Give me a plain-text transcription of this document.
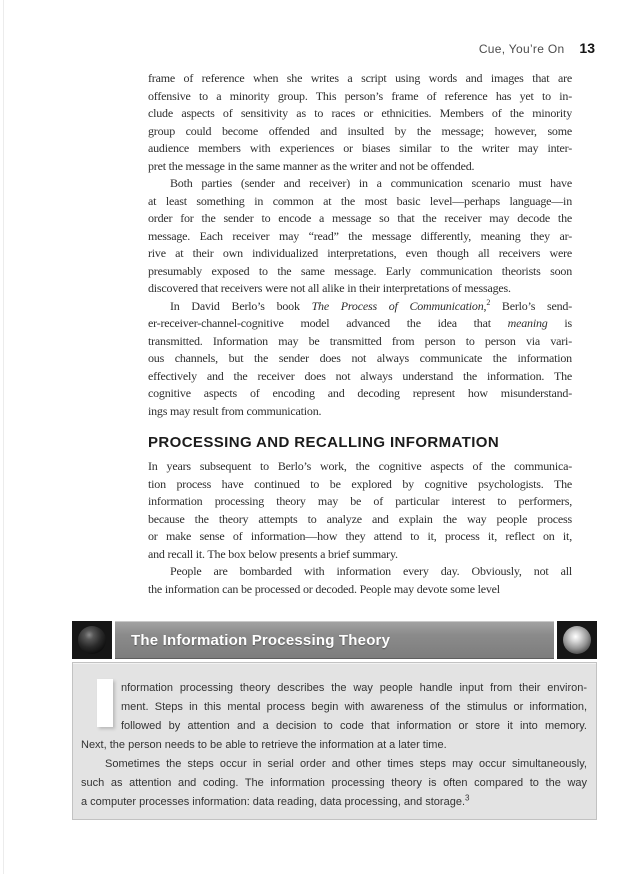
Cue, You’re On 13
frame of reference when she writes a script using words and images that are
offensive to a minority group. This person’s frame of reference has yet to in-
clude aspects of sensitivity as to races or ethnicities. Members of the minority
group could become offended and insulted by the message; however, some
audience members with experiences or biases similar to the writer may inter-
pret the message in the same manner as the writer and not be offended.
Both parties (sender and receiver) in a communication scenario must have
at least something in common at the most basic level—perhaps language—in
order for the sender to encode a message so that the receiver may decode the
message. Each receiver may “read” the message differently, meaning they ar-
rive at their own individualized interpretations, even though all receivers were
presumably exposed to the same message. Early communication theorists soon
discovered that receivers were not all alike in their interpretations of messages.
In David Berlo’s book The Process of Communication,$^2$ Berlo’s send-
er-receiver-channel-cognitive model advanced the idea that meaning is
transmitted. Information may be transmitted from person to person via vari-
ous channels, but the sender does not always communicate the information
effectively and the receiver does not always understand the information. The
cognitive aspects of encoding and decoding represent how misunderstand-
ings may result from communication.
PROCESSING AND RECALLING INFORMATION
In years subsequent to Berlo’s work, the cognitive aspects of the communica-
tion process have continued to be explored by cognitive psychologists. The
information processing theory may be of particular interest to performers,
because the theory attempts to analyze and explain the way people process
or make sense of information—how they attend to it, process it, reflect on it,
and recall it. The box below presents a brief summary.
People are bombarded with information every day. Obviously, not all
the information can be processed or decoded. People may devote some level
The Information Processing Theory
nformation processing theory describes the way people handle input from their environ-
ment. Steps in this mental process begin with awareness of the stimulus or information,
followed by attention and a decision to code that information or store it into memory.
Next, the person needs to be able to retrieve the information at a later time.
Sometimes the steps occur in serial order and other times steps may occur simultaneously,
such as attention and coding. The information processing theory is often compared to the way
a computer processes information: data reading, data processing, and storage.$^3$
